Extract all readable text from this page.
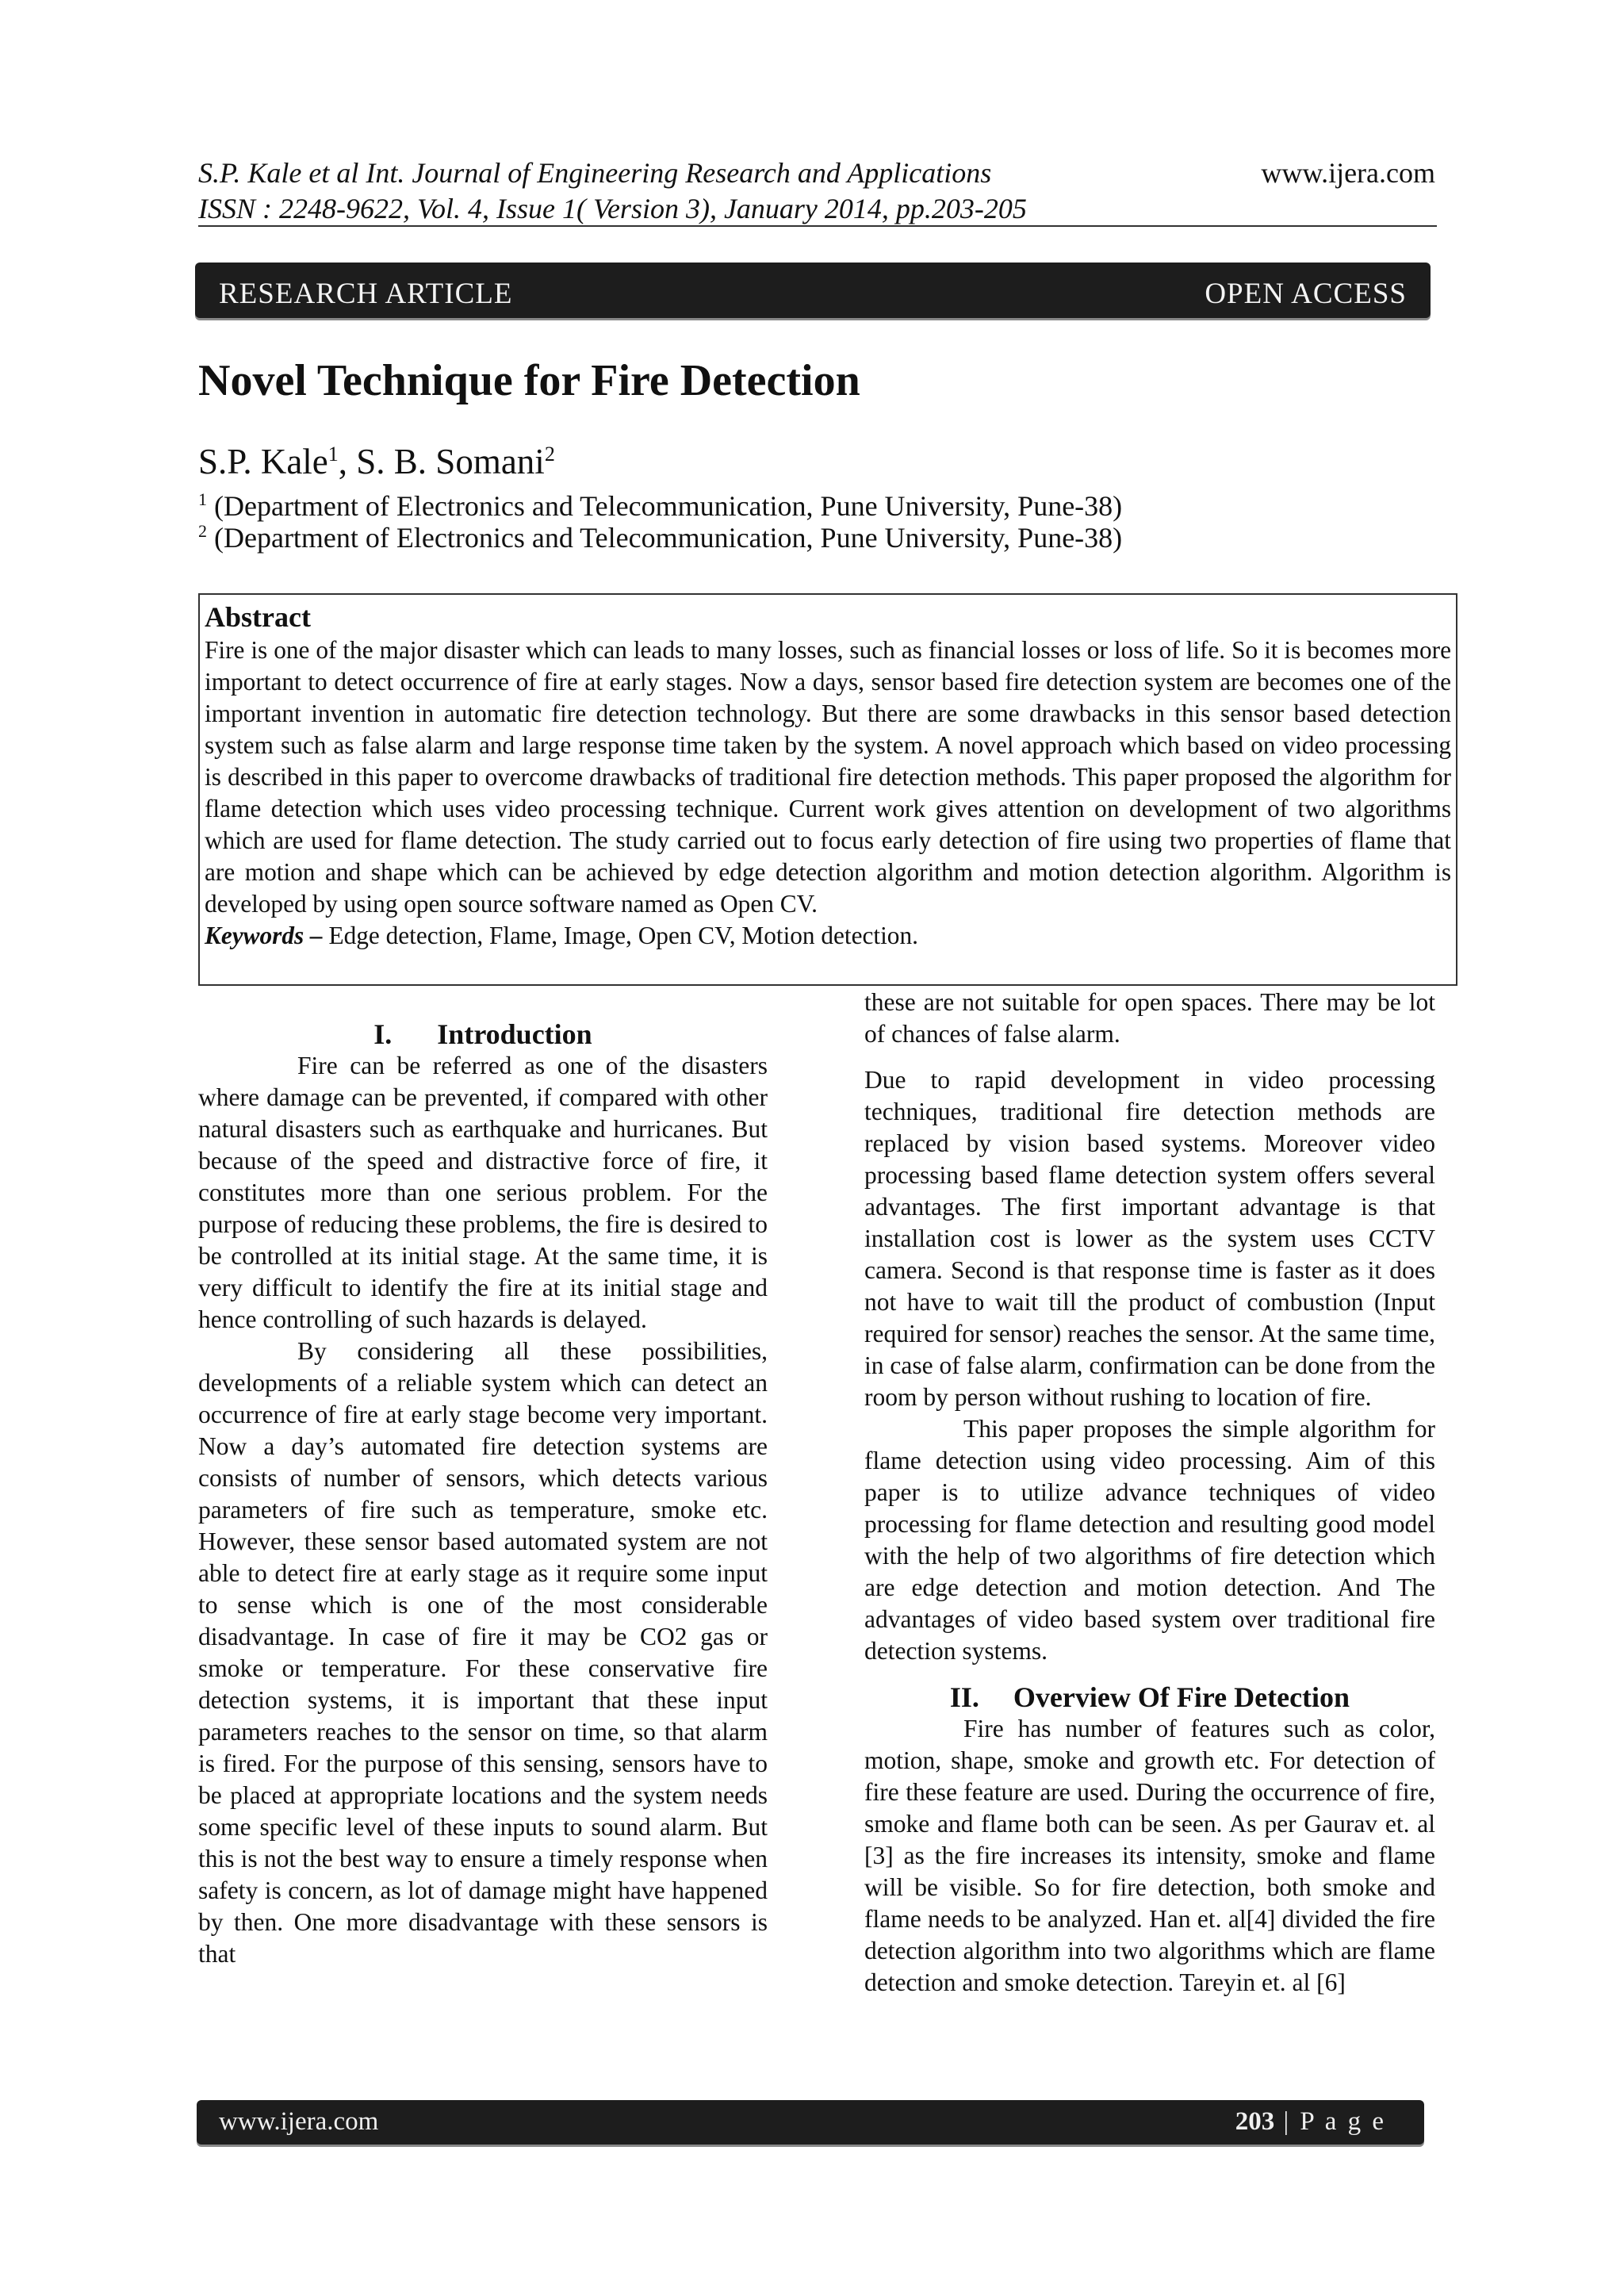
S.P. Kale et al Int. Journal of Engineering Research and Applications
ISSN : 2248-9622, Vol. 4, Issue 1( Version 3), January 2014, pp.203-205
www.ijera.com
RESEARCH ARTICLE	OPEN ACCESS
Novel Technique for Fire Detection
S.P. Kale$^1$, S. B. Somani$^2$
$^1$ (Department of Electronics and Telecommunication, Pune University, Pune-38)
$^2$ (Department of Electronics and Telecommunication, Pune University, Pune-38)
Abstract
Fire is one of the major disaster which can leads to many losses, such as financial losses or loss of life. So it is becomes more important to detect occurrence of fire at early stages. Now a days, sensor based fire detection system are becomes one of the important invention in automatic fire detection technology. But there are some drawbacks in this sensor based detection system such as false alarm and large response time taken by the system. A novel approach which based on video processing is described in this paper to overcome drawbacks of traditional fire detection methods. This paper proposed the algorithm for flame detection which uses video processing technique. Current work gives attention on development of two algorithms which are used for flame detection. The study carried out to focus early detection of fire using two properties of flame that are motion and shape which can be achieved by edge detection algorithm and motion detection algorithm. Algorithm is developed by using open source software named as Open CV.
Keywords – Edge detection, Flame, Image, Open CV, Motion detection.
I. Introduction

Fire can be referred as one of the disasters where damage can be prevented, if compared with other natural disasters such as earthquake and hurricanes. But because of the speed and distractive force of fire, it constitutes more than one serious problem. For the purpose of reducing these problems, the fire is desired to be controlled at its initial stage. At the same time, it is very difficult to identify the fire at its initial stage and hence controlling of such hazards is delayed.

By considering all these possibilities, developments of a reliable system which can detect an occurrence of fire at early stage become very important. Now a day’s automated fire detection systems are consists of number of sensors, which detects various parameters of fire such as temperature, smoke etc. However, these sensor based automated system are not able to detect fire at early stage as it require some input to sense which is one of the most considerable disadvantage. In case of fire it may be CO2 gas or smoke or temperature. For these conservative fire detection systems, it is important that these input parameters reaches to the sensor on time, so that alarm is fired. For the purpose of this sensing, sensors have to be placed at appropriate locations and the system needs some specific level of these inputs to sound alarm. But this is not the best way to ensure a timely response when safety is concern, as lot of damage might have happened by then. One more disadvantage with these sensors is that

these are not suitable for open spaces. There may be lot of chances of false alarm.

Due to rapid development in video processing techniques, traditional fire detection methods are replaced by vision based systems. Moreover video processing based flame detection system offers several advantages. The first important advantage is that installation cost is lower as the system uses CCTV camera. Second is that response time is faster as it does not have to wait till the product of combustion (Input required for sensor) reaches the sensor. At the same time, in case of false alarm, confirmation can be done from the room by person without rushing to location of fire.

This paper proposes the simple algorithm for flame detection using video processing. Aim of this paper is to utilize advance techniques of video processing for flame detection and resulting good model with the help of two algorithms of fire detection which are edge detection and motion detection. And The advantages of video based system over traditional fire detection systems.

II. Overview Of Fire Detection

Fire has number of features such as color, motion, shape, smoke and growth etc. For detection of fire these feature are used. During the occurrence of fire, smoke and flame both can be seen. As per Gaurav et. al [3] as the fire increases its intensity, smoke and flame will be visible. So for fire detection, both smoke and flame needs to be analyzed. Han et. al[4] divided the fire detection algorithm into two algorithms which are flame detection and smoke detection. Tareyin et. al [6]

www.ijera.com	203 | P a g e
